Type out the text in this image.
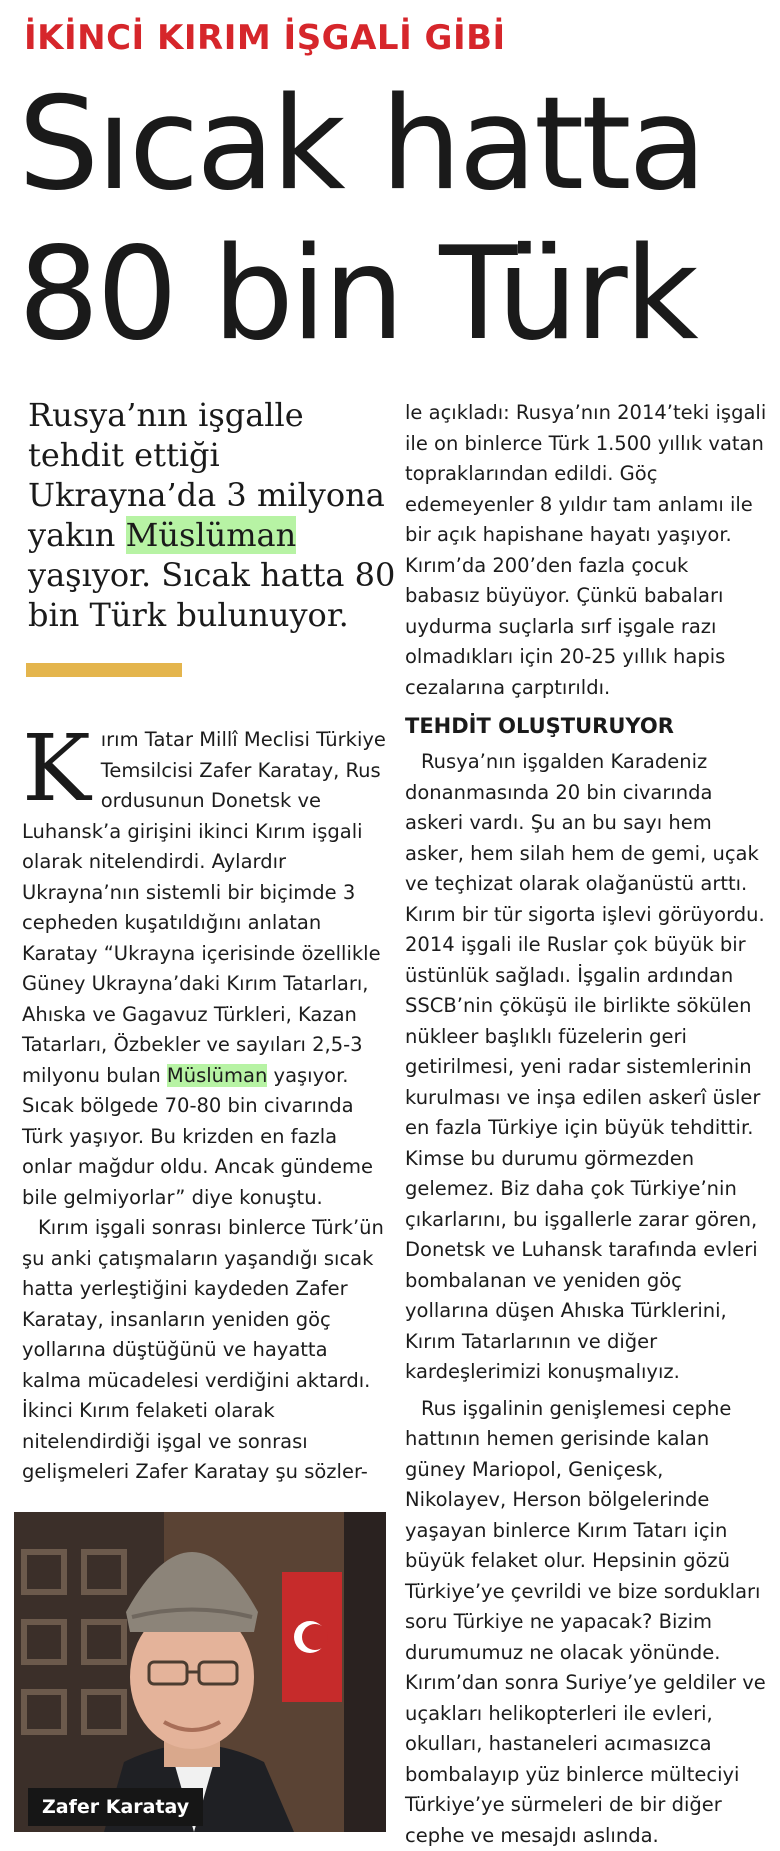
İKİNCİ KIRIM İŞGALİ GİBİ
Sıcak hatta
80 bin Türk

Rusya’nın işgalle tehdit ettiği Ukrayna’da 3 milyona yakın Müslüman yaşıyor. Sıcak hatta 80 bin Türk bulunuyor.

Kırım Tatar Millî Meclisi Türkiye Temsilcisi Zafer Karatay, Rus ordusunun Donetsk ve Luhansk’a girişini ikinci Kırım işgali olarak nitelendirdi. Aylardır Ukrayna’nın sistemli bir biçimde 3 cepheden kuşatıldığını anlatan Karatay “Ukrayna içerisinde özellikle Güney Ukrayna’daki Kırım Tatarları, Ahıska ve Gagavuz Türkleri, Kazan Tatarları, Özbekler ve sayıları 2,5-3 milyonu bulan Müslüman yaşıyor. Sıcak bölgede 70-80 bin civarında Türk yaşıyor. Bu krizden en fazla onlar mağdur oldu. Ancak gündeme bile gelmiyorlar” diye konuştu.

Kırım işgali sonrası binlerce Türk’ün şu anki çatışmaların yaşandığı sıcak hatta yerleştiğini kaydeden Zafer Karatay, insanların yeniden göç yollarına düştüğünü ve hayatta kalma mücadelesi verdiğini aktardı. İkinci Kırım felaketi olarak nitelendirdiği işgal ve sonrası gelişmeleri Zafer Karatay şu sözler-

Zafer Karatay

le açıkladı: Rusya’nın 2014’teki işgali ile on binlerce Türk 1.500 yıllık vatan topraklarından edildi. Göç edemeyenler 8 yıldır tam anlamı ile bir açık hapishane hayatı yaşıyor. Kırım’da 200’den fazla çocuk babasız büyüyor. Çünkü babaları uydurma suçlarla sırf işgale razı olmadıkları için 20-25 yıllık hapis cezalarına çarptırıldı.

TEHDİT OLUŞTURUYOR

Rusya’nın işgalden Karadeniz donanmasında 20 bin civarında askeri vardı. Şu an bu sayı hem asker, hem silah hem de gemi, uçak ve teçhizat olarak olağanüstü arttı. Kırım bir tür sigorta işlevi görüyordu. 2014 işgali ile Ruslar çok büyük bir üstünlük sağladı. İşgalin ardından SSCB’nin çöküşü ile birlikte sökülen nükleer başlıklı füzelerin geri getirilmesi, yeni radar sistemlerinin kurulması ve inşa edilen askerî üsler en fazla Türkiye için büyük tehdittir. Kimse bu durumu görmezden gelemez. Biz daha çok Türkiye’nin çıkarlarını, bu işgallerle zarar gören, Donetsk ve Luhansk tarafında evleri bombalanan ve yeniden göç yollarına düşen Ahıska Türklerini, Kırım Tatarlarının ve diğer kardeşlerimizi konuşmalıyız.

Rus işgalinin genişlemesi cephe hattının hemen gerisinde kalan güney Mariopol, Geniçesk, Nikolayev, Herson bölgelerinde yaşayan binlerce Kırım Tatarı için büyük felaket olur. Hepsinin gözü Türkiye’ye çevrildi ve bize sordukları soru Türkiye ne yapacak? Bizim durumumuz ne olacak yönünde. Kırım’dan sonra Suriye’ye geldiler ve uçakları helikopterleri ile evleri, okulları, hastaneleri acımasızca bombalayıp yüz binlerce mülteciyi Türkiye’ye sürmeleri de bir diğer cephe ve mesajdı aslında.
